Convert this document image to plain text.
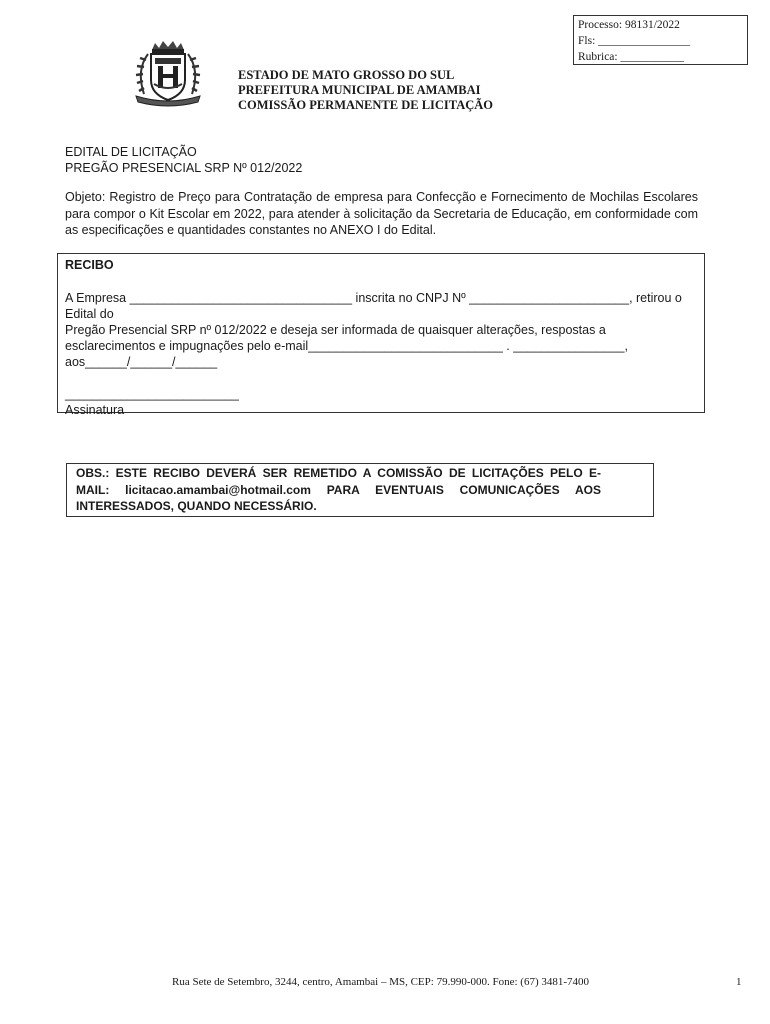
Processo: 98131/2022
Fls: ________________
Rubrica: ___________
ESTADO DE MATO GROSSO DO SUL
PREFEITURA MUNICIPAL DE AMAMBAI
COMISSÃO PERMANENTE DE LICITAÇÃO
EDITAL DE LICITAÇÃO
PREGÃO PRESENCIAL SRP Nº 012/2022
Objeto: Registro de Preço para Contratação de empresa para Confecção e Fornecimento de Mochilas Escolares para compor o Kit Escolar em 2022, para atender à solicitação da Secretaria de Educação, em conformidade com as especificações e quantidades constantes no ANEXO I do Edital.
RECIBO
A Empresa ________________________________ inscrita no CNPJ Nº _______________________, retirou o Edital do
Pregão Presencial SRP nº 012/2022 e deseja ser informada de quaisquer alterações, respostas a
esclarecimentos e impugnações pelo e-mail____________________________ . ________________,
aos______/______/______
_________________________
Assinatura
OBS.: ESTE RECIBO DEVERÁ SER REMETIDO A COMISSÃO DE LICITAÇÕES PELO E-MAIL: licitacao.amambai@hotmail.com PARA EVENTUAIS COMUNICAÇÕES AOS INTERESSADOS, QUANDO NECESSÁRIO.
Rua Sete de Setembro, 3244, centro, Amambai – MS, CEP: 79.990-000. Fone: (67) 3481-7400	1
